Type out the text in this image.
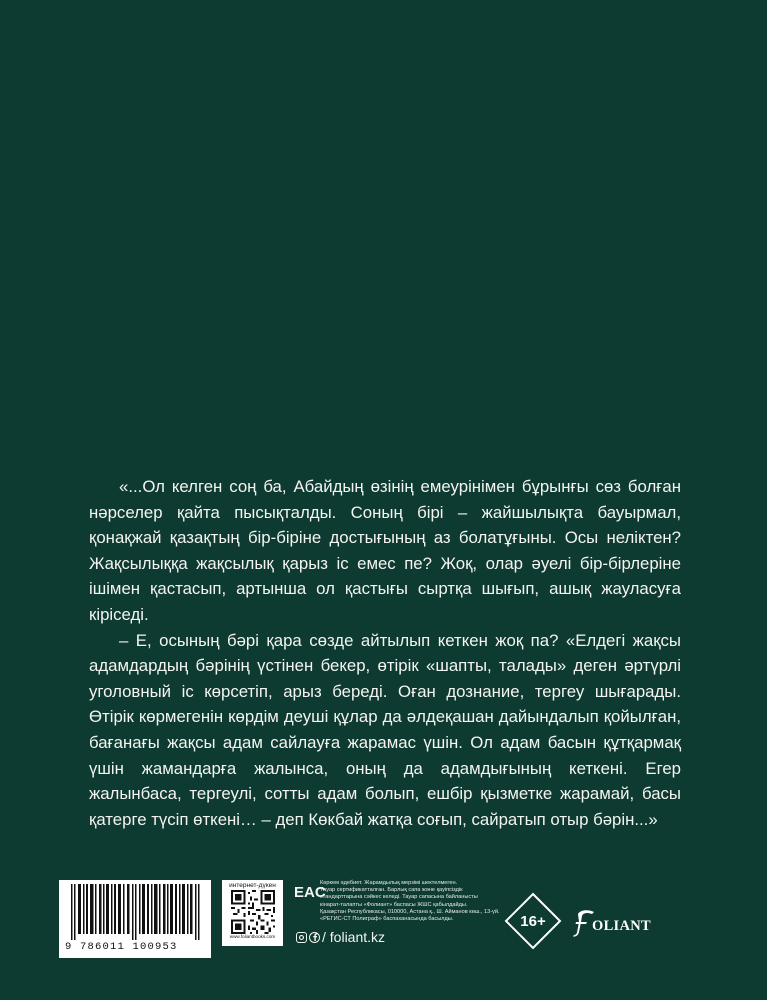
«...Ол келген соң ба, Абайдың өзінің емеурінімен бұрынғы сөз болған нәрселер қайта пысықталды. Соның бірі – жайшылықта бауырмал, қонақжай қазақтың бір-біріне достығының аз болатұғыны. Осы неліктен? Жақсылыққа жақсылық қарыз іс емес пе? Жоқ, олар әуелі бір-бірлеріне ішімен қастасып, артынша ол қастығы сыртқа шығып, ашық жауласуға кіріседі.

– Е, осының бәрі қара сөзде айтылып кеткен жоқ па? «Елдегі жақсы адамдардың бәрінің үстінен бекер, өтірік «шапты, талады» деген әртүрлі уголовный іс көрсетіп, арыз береді. Оған дознание, тергеу шығарады. Өтірік көрмегенін көрдім деуші құлар да әлдеқашан дайындалып қойылған, бағанағы жақсы адам сайлауға жарамас үшін. Ол адам басын құтқармақ үшін жамандарға жалынса, оның да адамдығының кеткені. Егер жалынбаса, тергеулі, сотты адам болып, ешбір қызметке жарамай, басы қатерге түсіп өткені… – деп Көкбай жатқа соғып, сайратып отыр бәрін...»

9 786011 100953
интернет-дүкен
www.foliantbooks.com
EAC
Көркем әдебиет. Жарамдылық мерзімі шектелмеген.
Тауар сертификатталған. Барлық сапа және қауіпсіздік
стандарттарына сәйкес келеді. Тауар сапасына байланысты
кінарат-талапты «Фолиант» баспасы ЖШС қабылдайды.
Қазақстан Республикасы, 010000, Астана қ., Ш. Айманов көш., 13-үй.
«РЕГИС-СТ Полиграф» баспаханасында басылды.
/ foliant.kz
16+	OLIANT
